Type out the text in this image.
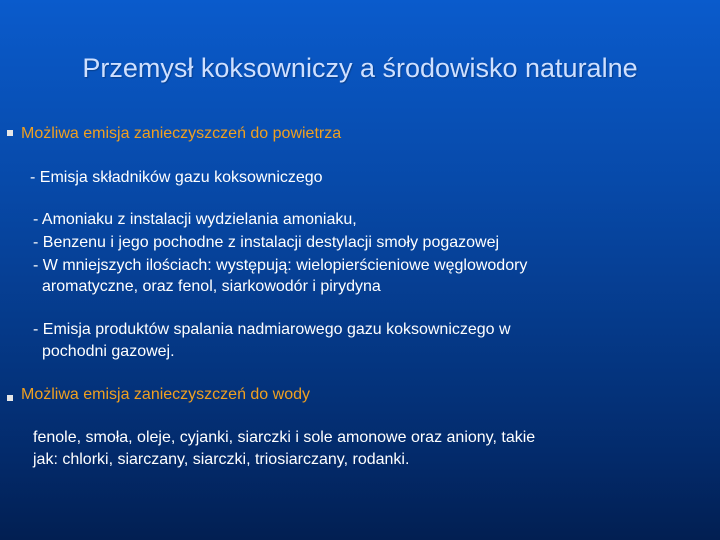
Przemysł koksowniczy a środowisko naturalne
Możliwa emisja zanieczyszczeń do powietrza
- Emisja składników gazu koksowniczego
- Amoniaku z instalacji wydzielania amoniaku,
- Benzenu i jego pochodne z instalacji destylacji smoły pogazowej
- W mniejszych ilościach: występują: wielopierścieniowe węglowodory
aromatyczne, oraz fenol, siarkowodór i pirydyna
- Emisja produktów spalania nadmiarowego gazu koksowniczego w
pochodni gazowej.
Możliwa emisja zanieczyszczeń do wody
fenole, smoła, oleje, cyjanki, siarczki i sole amonowe oraz aniony, takie
jak: chlorki, siarczany, siarczki, triosiarczany, rodanki.
